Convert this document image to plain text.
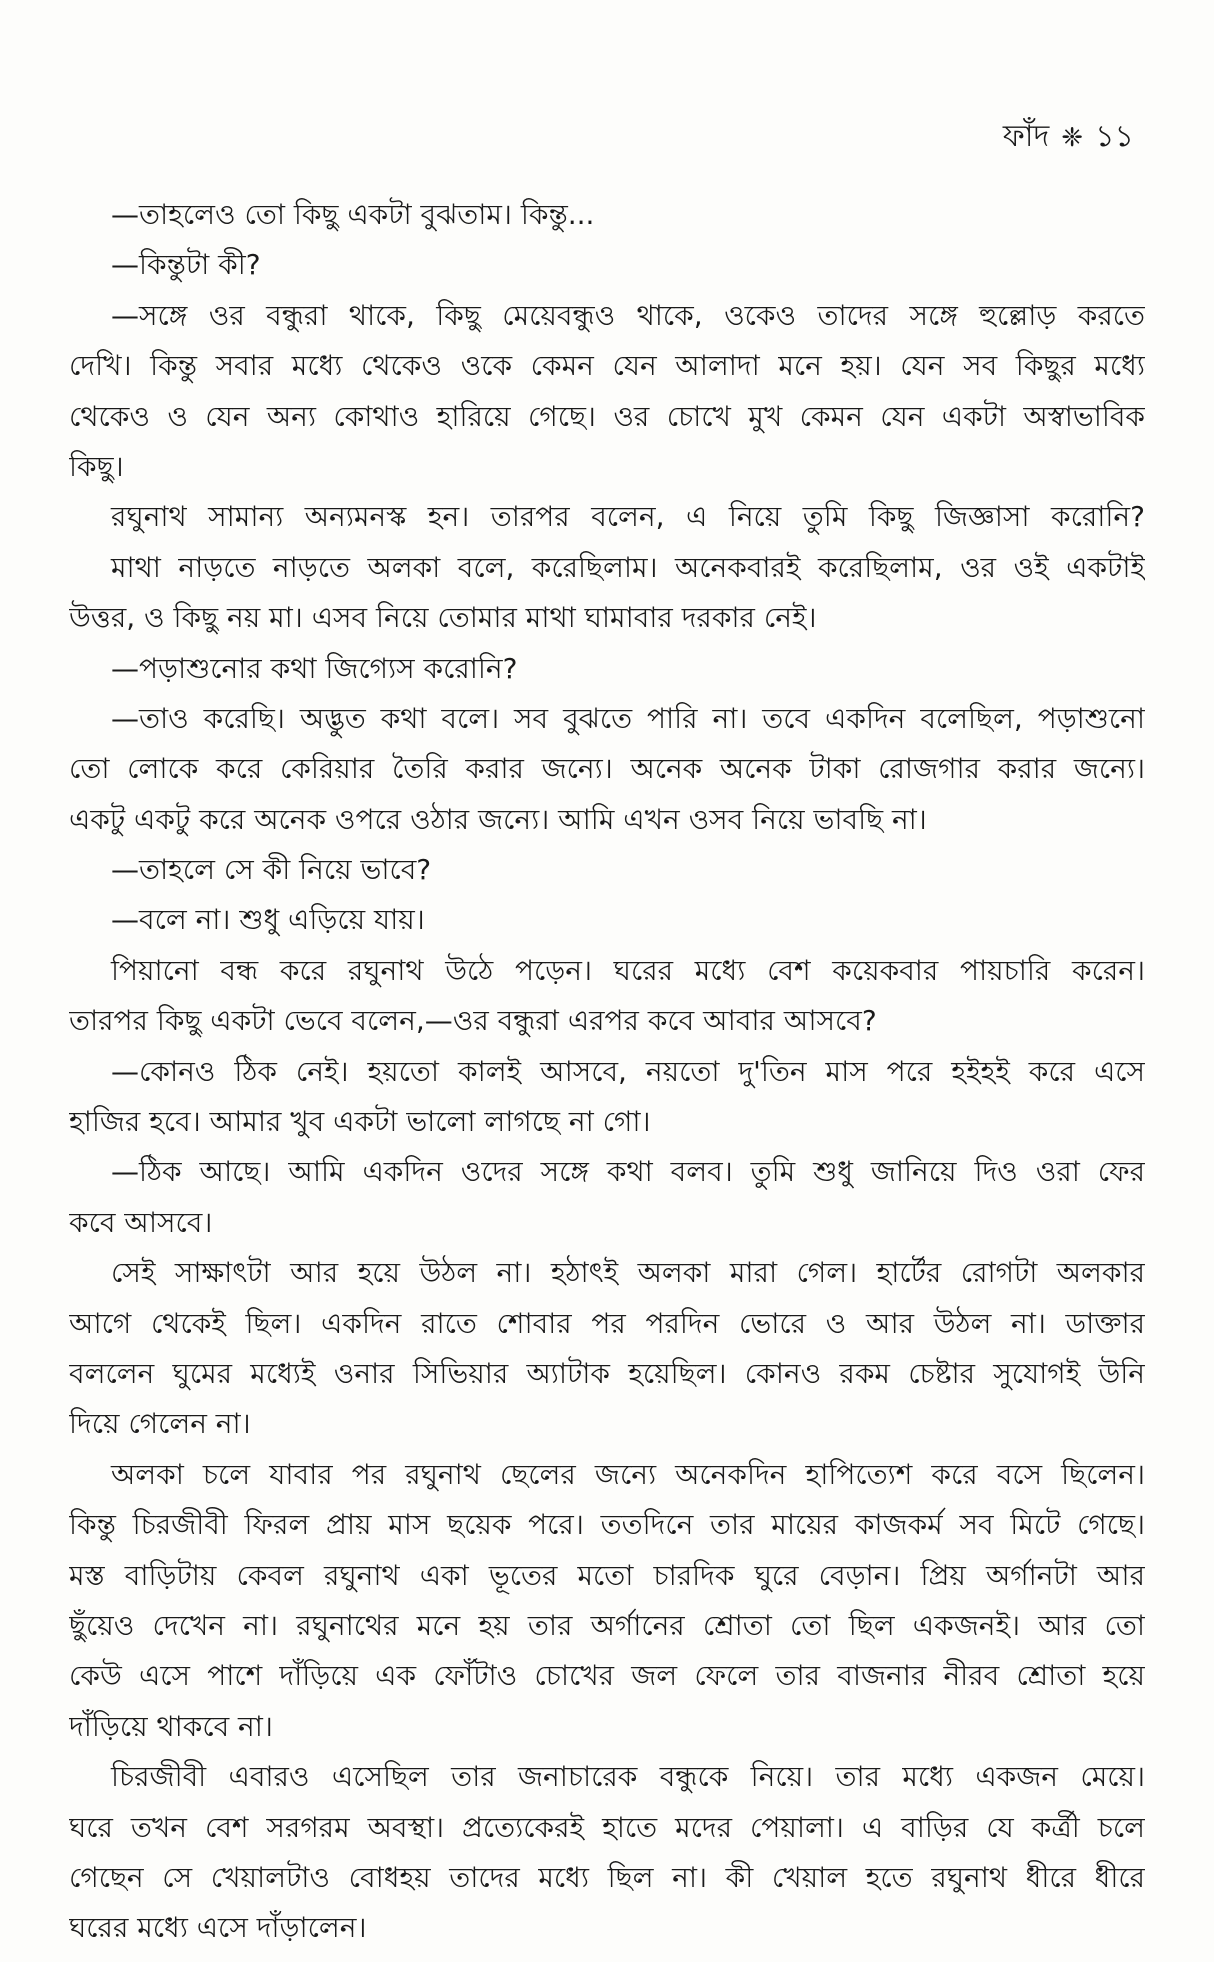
ফাঁদ ❈ ১১
—তাহলেও তো কিছু একটা বুঝতাম। কিন্তু...
—কিন্তুটা কী?
—সঙ্গে ওর বন্ধুরা থাকে, কিছু মেয়েবন্ধুও থাকে, ওকেও তাদের সঙ্গে হুল্লোড় করতে
দেখি। কিন্তু সবার মধ্যে থেকেও ওকে কেমন যেন আলাদা মনে হয়। যেন সব কিছুর মধ্যে
থেকেও ও যেন অন্য কোথাও হারিয়ে গেছে। ওর চোখে মুখ কেমন যেন একটা অস্বাভাবিক
কিছু।
রঘুনাথ সামান্য অন্যমনস্ক হন। তারপর বলেন, এ নিয়ে তুমি কিছু জিজ্ঞাসা করোনি?
মাথা নাড়তে নাড়তে অলকা বলে, করেছিলাম। অনেকবারই করেছিলাম, ওর ওই একটাই
উত্তর, ও কিছু নয় মা। এসব নিয়ে তোমার মাথা ঘামাবার দরকার নেই।
—পড়াশুনোর কথা জিগ্যেস করোনি?
—তাও করেছি। অদ্ভুত কথা বলে। সব বুঝতে পারি না। তবে একদিন বলেছিল, পড়াশুনো
তো লোকে করে কেরিয়ার তৈরি করার জন্যে। অনেক অনেক টাকা রোজগার করার জন্যে।
একটু একটু করে অনেক ওপরে ওঠার জন্যে। আমি এখন ওসব নিয়ে ভাবছি না।
—তাহলে সে কী নিয়ে ভাবে?
—বলে না। শুধু এড়িয়ে যায়।
পিয়ানো বন্ধ করে রঘুনাথ উঠে পড়েন। ঘরের মধ্যে বেশ কয়েকবার পায়চারি করেন।
তারপর কিছু একটা ভেবে বলেন,—ওর বন্ধুরা এরপর কবে আবার আসবে?
—কোনও ঠিক নেই। হয়তো কালই আসবে, নয়তো দু'তিন মাস পরে হইহই করে এসে
হাজির হবে। আমার খুব একটা ভালো লাগছে না গো।
—ঠিক আছে। আমি একদিন ওদের সঙ্গে কথা বলব। তুমি শুধু জানিয়ে দিও ওরা ফের
কবে আসবে।
সেই সাক্ষাৎটা আর হয়ে উঠল না। হঠাৎই অলকা মারা গেল। হার্টের রোগটা অলকার
আগে থেকেই ছিল। একদিন রাতে শোবার পর পরদিন ভোরে ও আর উঠল না। ডাক্তার
বললেন ঘুমের মধ্যেই ওনার সিভিয়ার অ্যাটাক হয়েছিল। কোনও রকম চেষ্টার সুযোগই উনি
দিয়ে গেলেন না।
অলকা চলে যাবার পর রঘুনাথ ছেলের জন্যে অনেকদিন হাপিত্যেশ করে বসে ছিলেন।
কিন্তু চিরজীবী ফিরল প্রায় মাস ছয়েক পরে। ততদিনে তার মায়ের কাজকর্ম সব মিটে গেছে।
মস্ত বাড়িটায় কেবল রঘুনাথ একা ভূতের মতো চারদিক ঘুরে বেড়ান। প্রিয় অর্গানটা আর
ছুঁয়েও দেখেন না। রঘুনাথের মনে হয় তার অর্গানের শ্রোতা তো ছিল একজনই। আর তো
কেউ এসে পাশে দাঁড়িয়ে এক ফোঁটাও চোখের জল ফেলে তার বাজনার নীরব শ্রোতা হয়ে
দাঁড়িয়ে থাকবে না।
চিরজীবী এবারও এসেছিল তার জনাচারেক বন্ধুকে নিয়ে। তার মধ্যে একজন মেয়ে।
ঘরে তখন বেশ সরগরম অবস্থা। প্রত্যেকেরই হাতে মদের পেয়ালা। এ বাড়ির যে কর্ত্রী চলে
গেছেন সে খেয়ালটাও বোধহয় তাদের মধ্যে ছিল না। কী খেয়াল হতে রঘুনাথ ধীরে ধীরে
ঘরের মধ্যে এসে দাঁড়ালেন।
